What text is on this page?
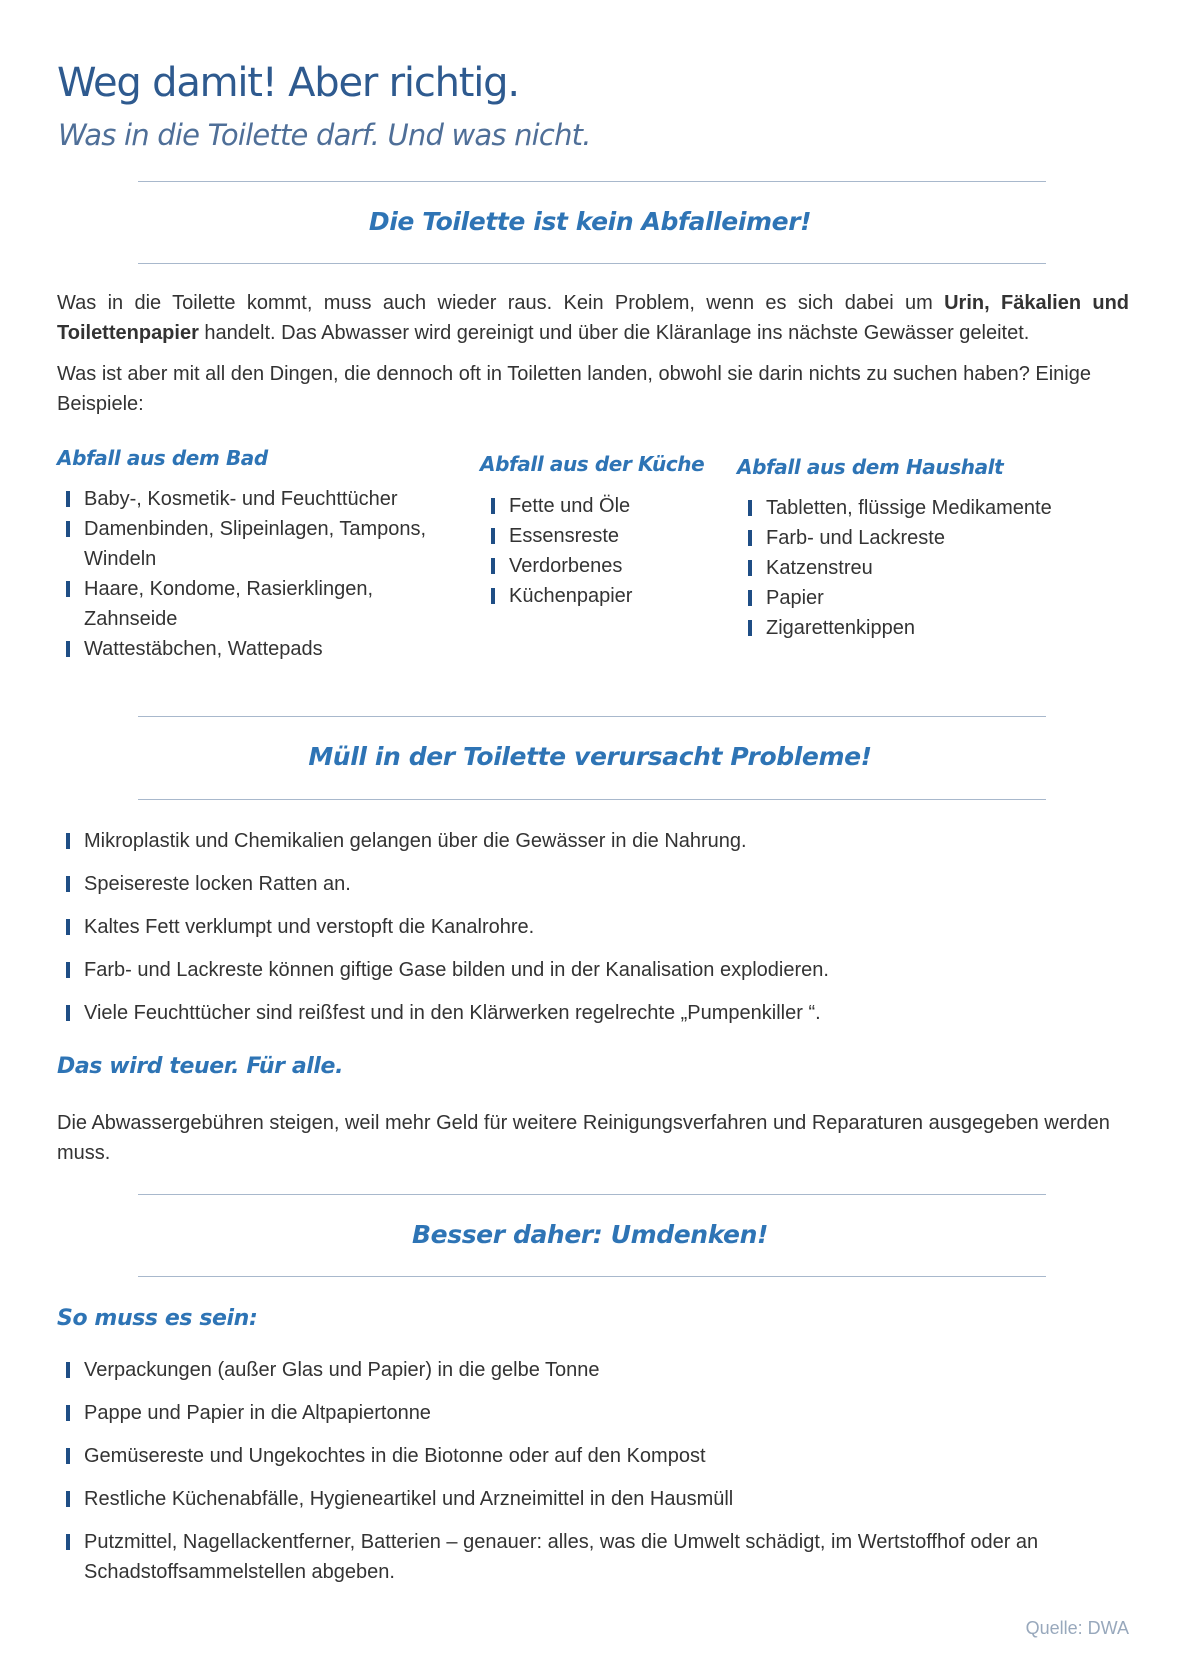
Weg damit! Aber richtig.
Was in die Toilette darf. Und was nicht.
Die Toilette ist kein Abfalleimer!

Was in die Toilette kommt, muss auch wieder raus. Kein Problem, wenn es sich dabei um Urin, Fäkalien und Toilettenpapier handelt. Das Abwasser wird gereinigt und über die Kläranlage ins nächste Gewässer geleitet.

Was ist aber mit all den Dingen, die dennoch oft in Toiletten landen, obwohl sie darin nichts zu suchen haben? Einige Beispiele:

Abfall aus dem Bad
Baby-, Kosmetik- und Feuchttücher
Damenbinden, Slipeinlagen, Tampons, Windeln
Haare, Kondome, Rasierklingen, Zahnseide
Wattestäbchen, Wattepads
Abfall aus der Küche
Fette und Öle
Essensreste
Verdorbenes
Küchenpapier
Abfall aus dem Haushalt
Tabletten, flüssige Medikamente
Farb- und Lackreste
Katzenstreu
Papier
Zigarettenkippen
Müll in der Toilette verursacht Probleme!
Mikroplastik und Chemikalien gelangen über die Gewässer in die Nahrung.
Speisereste locken Ratten an.
Kaltes Fett verklumpt und verstopft die Kanalrohre.
Farb- und Lackreste können giftige Gase bilden und in der Kanalisation explodieren.
Viele Feuchttücher sind reißfest und in den Klärwerken regelrechte „Pumpenkiller “.
Das wird teuer. Für alle.

Die Abwassergebühren steigen, weil mehr Geld für weitere Reinigungsverfahren und Reparaturen ausgegeben werden muss.

Besser daher: Umdenken!
So muss es sein:
Verpackungen (außer Glas und Papier) in die gelbe Tonne
Pappe und Papier in die Altpapiertonne
Gemüsereste und Ungekochtes in die Biotonne oder auf den Kompost
Restliche Küchenabfälle, Hygieneartikel und Arzneimittel in den Hausmüll
Putzmittel, Nagellackentferner, Batterien – genauer: alles, was die Umwelt schädigt, im Wertstoffhof oder an Schadstoffsammelstellen abgeben.

Quelle: DWA
